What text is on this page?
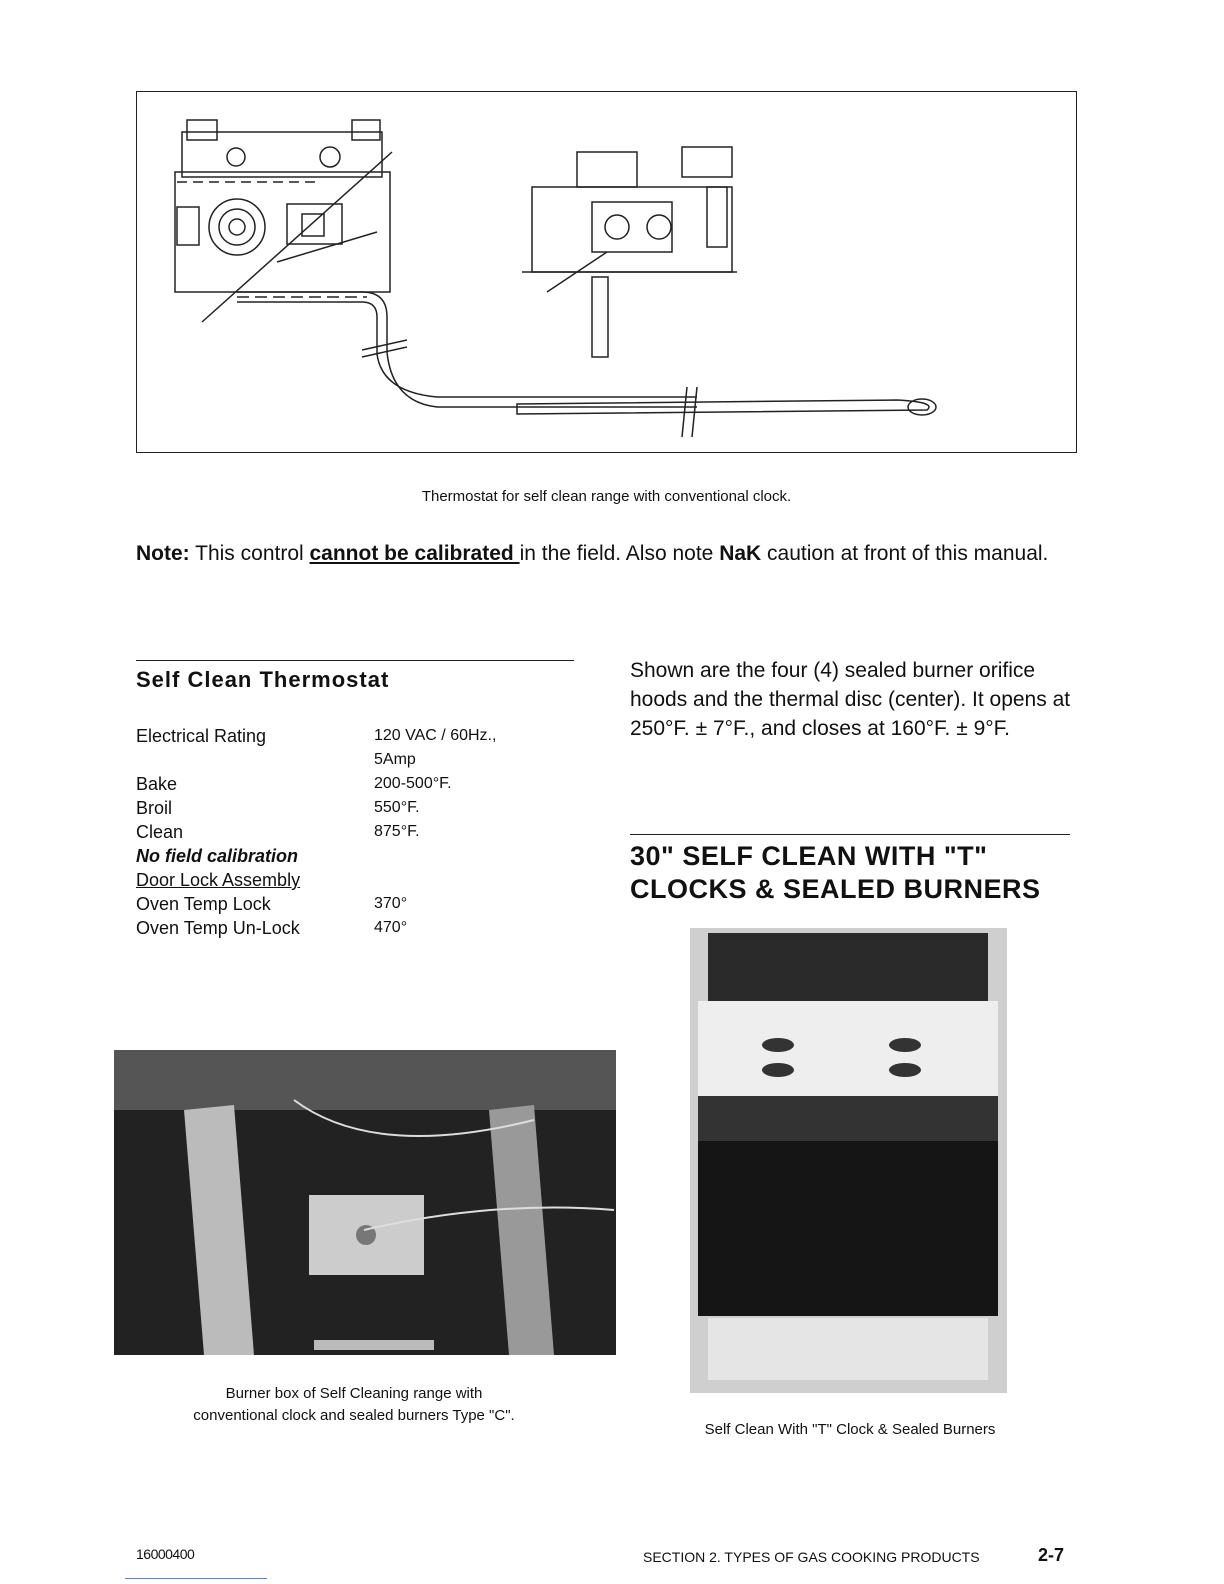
Thermostat for self clean range with conventional clock.
Note: This control cannot be calibrated in the field. Also note NaK caution at front of this manual.
Self Clean Thermostat
Electrical Rating	120 VAC / 60Hz.,
5Amp
Bake	200-500°F.
Broil	550°F.
Clean	875°F.
No field calibration
Door Lock Assembly
Oven Temp Lock	370°
Oven Temp Un-Lock	470°
Shown are the four (4) sealed burner orifice hoods and the thermal disc (center). It opens at 250°F. ± 7°F., and closes at 160°F. ± 9°F.
30" SELF CLEAN WITH "T"
CLOCKS & SEALED BURNERS
Burner box of Self Cleaning range with
conventional clock and sealed burners Type "C".
Self Clean With "T" Clock & Sealed Burners
16000400	SECTION 2. TYPES OF GAS COOKING PRODUCTS	2-7
